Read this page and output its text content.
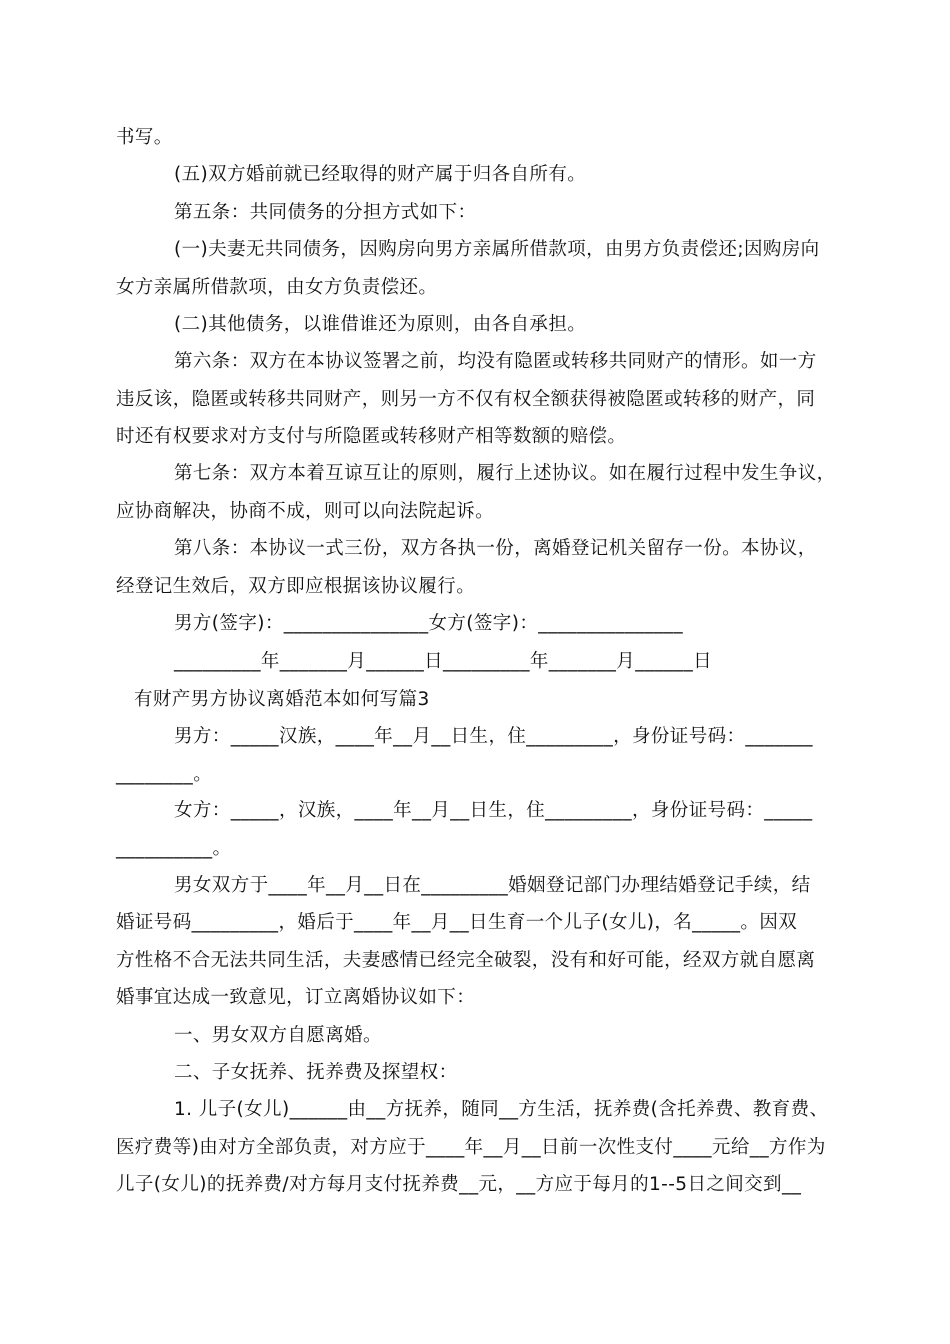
书写。
(五)双方婚前就已经取得的财产属于归各自所有。
第五条：共同债务的分担方式如下：
(一)夫妻无共同债务，因购房向男方亲属所借款项，由男方负责偿还;因购房向
女方亲属所借款项，由女方负责偿还。
(二)其他债务，以谁借谁还为原则，由各自承担。
第六条：双方在本协议签署之前，均没有隐匿或转移共同财产的情形。如一方
违反该，隐匿或转移共同财产，则另一方不仅有权全额获得被隐匿或转移的财产，同
时还有权要求对方支付与所隐匿或转移财产相等数额的赔偿。
第七条：双方本着互谅互让的原则，履行上述协议。如在履行过程中发生争议，
应协商解决，协商不成，则可以向法院起诉。
第八条：本协议一式三份，双方各执一份，离婚登记机关留存一份。本协议，
经登记生效后，双方即应根据该协议履行。
男方(签字)：_______________女方(签字)：_______________
_________年_______月______日_________年_______月______日
有财产男方协议离婚范本如何写篇3
男方：_____汉族，____年__月__日生，住_________，身份证号码：_______
________。
女方：_____，汉族，____年__月__日生，住_________，身份证号码：_____
__________。
男女双方于____年__月__日在_________婚姻登记部门办理结婚登记手续，结
婚证号码_________，婚后于____年__月__日生育一个儿子(女儿)，名_____。因双
方性格不合无法共同生活，夫妻感情已经完全破裂，没有和好可能，经双方就自愿离
婚事宜达成一致意见，订立离婚协议如下：
一、男女双方自愿离婚。
二、子女抚养、抚养费及探望权：
1. 儿子(女儿)______由__方抚养，随同__方生活，抚养费(含托养费、教育费、
医疗费等)由对方全部负责，对方应于____年__月__日前一次性支付____元给__方作为
儿子(女儿)的抚养费/对方每月支付抚养费__元，__方应于每月的1--5日之间交到__
